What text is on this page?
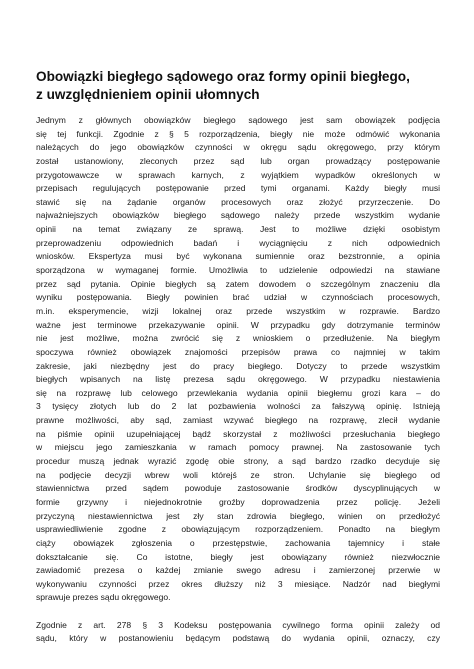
Obowiązki biegłego sądowego oraz formy opinii biegłego,
z uwzględnieniem opinii ułomnych
Jednym z głównych obowiązków biegłego sądowego jest sam obowiązek podjęcia
się tej funkcji. Zgodnie z § 5 rozporządzenia, biegły nie może odmówić wykonania
należących do jego obowiązków czynności w okręgu sądu okręgowego, przy którym
został ustanowiony, zleconych przez sąd lub organ prowadzący postępowanie
przygotowawcze w sprawach karnych, z wyjątkiem wypadków określonych w
przepisach regulujących postępowanie przed tymi organami. Każdy biegły musi
stawić się na żądanie organów procesowych oraz złożyć przyrzeczenie. Do
najważniejszych obowiązków biegłego sądowego należy przede wszystkim wydanie
opinii na temat związany ze sprawą. Jest to możliwe dzięki osobistym
przeprowadzeniu odpowiednich badań i wyciągnięciu z nich odpowiednich
wniosków. Ekspertyza musi być wykonana sumiennie oraz bezstronnie, a opinia
sporządzona w wymaganej formie. Umożliwia to udzielenie odpowiedzi na stawiane
przez sąd pytania. Opinie biegłych są zatem dowodem o szczególnym znaczeniu dla
wyniku postępowania. Biegły powinien brać udział w czynnościach procesowych,
m.in. eksperymencie, wizji lokalnej oraz przede wszystkim w rozprawie. Bardzo
ważne jest terminowe przekazywanie opinii. W przypadku gdy dotrzymanie terminów
nie jest możliwe, można zwrócić się z wnioskiem o przedłużenie. Na biegłym
spoczywa również obowiązek znajomości przepisów prawa co najmniej w takim
zakresie, jaki niezbędny jest do pracy biegłego. Dotyczy to przede wszystkim
biegłych wpisanych na listę prezesa sądu okręgowego. W przypadku niestawienia
się na rozprawę lub celowego przewlekania wydania opinii biegłemu grozi kara – do
3 tysięcy złotych lub do 2 lat pozbawienia wolności za fałszywą opinię. Istnieją
prawne możliwości, aby sąd, zamiast wzywać biegłego na rozprawę, zlecił wydanie
na piśmie opinii uzupełniającej bądź skorzystał z możliwości przesłuchania biegłego
w miejscu jego zamieszkania w ramach pomocy prawnej. Na zastosowanie tych
procedur muszą jednak wyrazić zgodę obie strony, a sąd bardzo rzadko decyduje się
na podjęcie decyzji wbrew woli którejś ze stron. Uchylanie się biegłego od
stawiennictwa przed sądem powoduje zastosowanie środków dyscyplinujących w
formie grzywny i niejednokrotnie groźby doprowadzenia przez policję. Jeżeli
przyczyną niestawiennictwa jest zły stan zdrowia biegłego, winien on przedłożyć
usprawiedliwienie zgodne z obowiązującym rozporządzeniem. Ponadto na biegłym
ciąży obowiązek zgłoszenia o przestępstwie, zachowania tajemnicy i stałe
dokształcanie się. Co istotne, biegły jest obowiązany również niezwłocznie
zawiadomić prezesa o każdej zmianie swego adresu i zamierzonej przerwie w
wykonywaniu czynności przez okres dłuższy niż 3 miesiące. Nadzór nad biegłymi
sprawuje prezes sądu okręgowego.
Zgodnie z art. 278 § 3 Kodeksu postępowania cywilnego forma opinii zależy od
sądu, który w postanowieniu będącym podstawą do wydania opinii, oznaczy, czy
